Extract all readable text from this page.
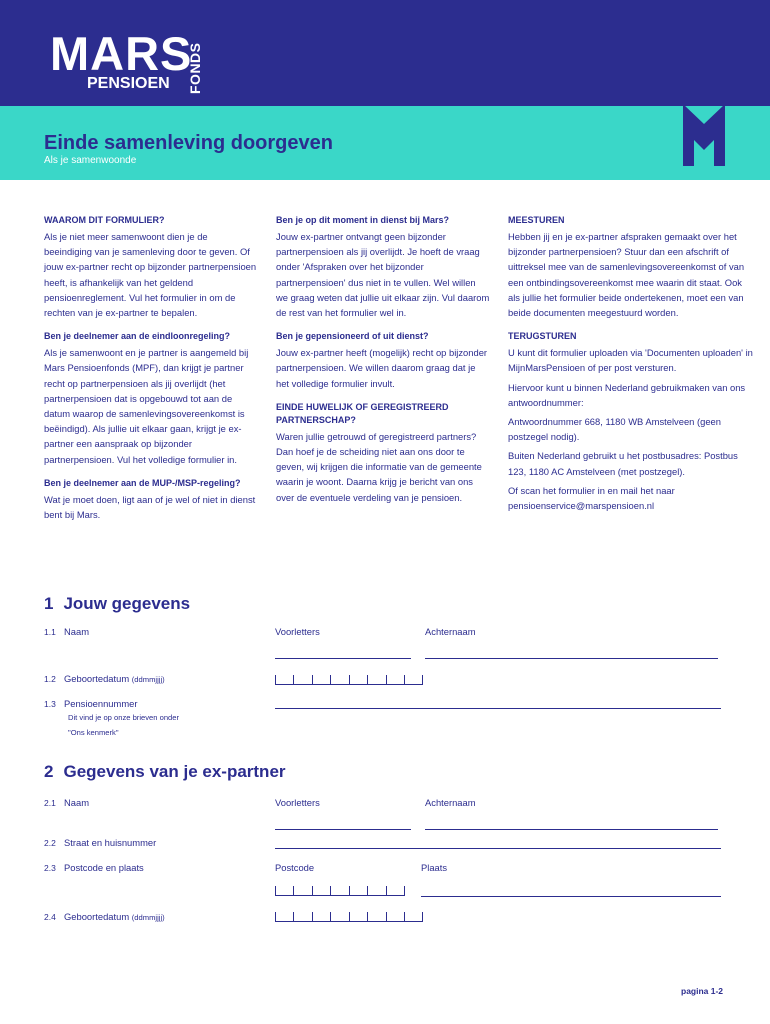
MARS
PENSIOEN FONDS
Einde samenleving doorgeven
Als je samenwoonde
WAAROM DIT FORMULIER?

Als je niet meer samenwoont dien je de beeindiging van je samenleving door te geven. Of jouw ex-partner recht op bijzonder partnerpensioen heeft, is afhankelijk van het geldend pensioenreglement. Vul het formulier in om de rechten van je ex-partner te bepalen.

Ben je deelnemer aan de eindloonregeling?

Als je samenwoont en je partner is aangemeld bij Mars Pensioenfonds (MPF), dan krijgt je partner recht op partnerpensioen als jij overlijdt (het partnerpensioen dat is opgebouwd tot aan de datum waarop de samenlevingsovereenkomst is beëindigd). Als jullie uit elkaar gaan, krijgt je ex-partner een aanspraak op bijzonder partnerpensioen. Vul het volledige formulier in.

Ben je deelnemer aan de MUP-/MSP-regeling?

Wat je moet doen, ligt aan of je wel of niet in dienst bent bij Mars.

Ben je op dit moment in dienst bij Mars?

Jouw ex-partner ontvangt geen bijzonder partnerpensioen als jij overlijdt. Je hoeft de vraag onder 'Afspraken over het bijzonder partnerpensioen' dus niet in te vullen. Wel willen we graag weten dat jullie uit elkaar zijn. Vul daarom de rest van het formulier wel in.

Ben je gepensioneerd of uit dienst?

Jouw ex-partner heeft (mogelijk) recht op bijzonder partnerpensioen. We willen daarom graag dat je het volledige formulier invult.

EINDE HUWELIJK OF GEREGISTREERD PARTNERSCHAP?

Waren jullie getrouwd of geregistreerd partners? Dan hoef je de scheiding niet aan ons door te geven, wij krijgen die informatie van de gemeente waarin je woont. Daarna krijg je bericht van ons over de eventuele verdeling van je pensioen.

MEESTUREN

Hebben jij en je ex-partner afspraken gemaakt over het bijzonder partnerpensioen? Stuur dan een afschrift of uittreksel mee van de samenlevingsovereenkomst of van een ontbindingsovereenkomst mee waarin dit staat. Ook als jullie het formulier beide ondertekenen, moet een van beide documenten meegestuurd worden.

TERUGSTUREN

U kunt dit formulier uploaden via 'Documenten uploaden' in MijnMarsPensioen of per post versturen.

Hiervoor kunt u binnen Nederland gebruikmaken van ons antwoordnummer:

Antwoordnummer 668, 1180 WB Amstelveen (geen postzegel nodig).

Buiten Nederland gebruikt u het postbusadres: Postbus 123, 1180 AC Amstelveen (met postzegel).

Of scan het formulier in en mail het naar pensioenservice@marspensioen.nl

1 Jouw gegevens
1.1 Naam	Voorletters	Achternaam
1.2 Geboortedatum (ddmmjjjj)
1.3 Pensioennummer
Dit vind je op onze brieven onder
"Ons kenmerk"
2 Gegevens van je ex-partner
2.1 Naam	Voorletters	Achternaam
2.2 Straat en huisnummer
2.3 Postcode en plaats	Postcode	Plaats
2.4 Geboortedatum (ddmmjjjj)
pagina 1-2
